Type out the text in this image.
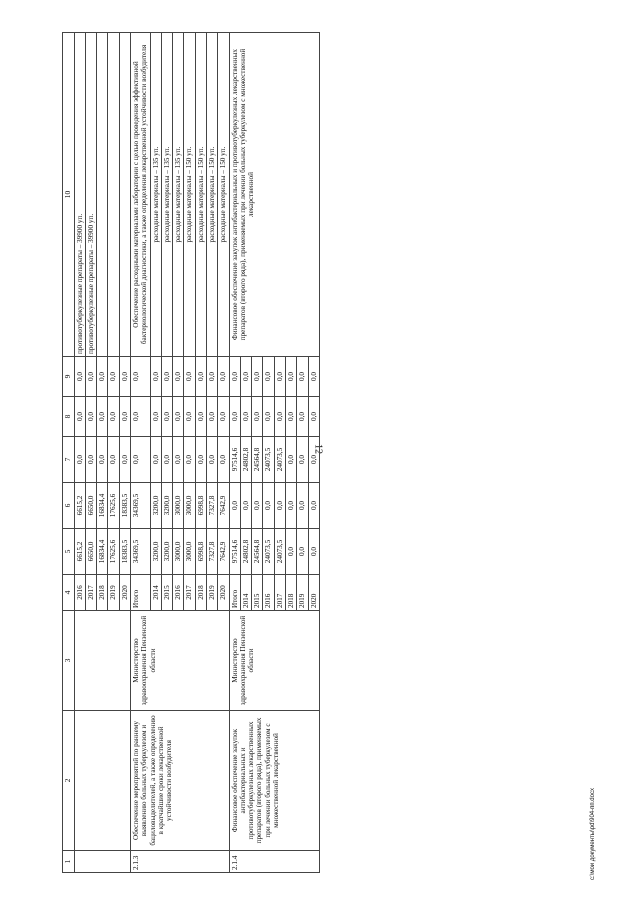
12
1	2	3	4	5	6	7	8	9	10
			2016	6615,2	6615,2	0,0	0,0	0,0	противотуберкулезные препараты – 39900 уп.
			2017	6650,0	6650,0	0,0	0,0	0,0	противотуберкулезные препараты – 39900 уп.
			2018	16834,4	16834,4	0,0	0,0	0,0	
			2019	17625,6	17625,6	0,0	0,0	0,0	
			2020	18383,5	18383,5	0,0	0,0	0,0	
2.1.3	Обеспечение мероприятий по раннему выявлению больных туберкулезом и бациловыделителей, а также определению в кратчайшие сроки лекарственной устойчивости возбудителя	Министерство здравоохранения Пензенской области	Итого	34369,5	34369,5	0,0	0,0	0,0	Обеспечение расходными материалами лаборатории с целью проведения эффективной бактериологической диагностики, а также определения лекарственной устойчивости возбудителя
			2014	3200,0	3200,0	0,0	0,0	0,0	расходные материалы – 135 уп.
			2015	3200,0	3200,0	0,0	0,0	0,0	расходные материалы – 135 уп.
			2016	3000,0	3000,0	0,0	0,0	0,0	расходные материалы – 135 уп.
			2017	3000,0	3000,0	0,0	0,0	0,0	расходные материалы – 150 уп.
			2018	6998,8	6998,8	0,0	0,0	0,0	расходные материалы – 150 уп.
			2019	7327,8	7327,8	0,0	0,0	0,0	расходные материалы – 150 уп.
			2020	7642,9	7642,9	0,0	0,0	0,0	расходные материалы – 150 уп.
2.1.4	Финансовое обеспечение закупок антибактериальных и противотуберкулезных лекарственных препаратов (второго ряда), применяемых при лечении больных туберкулезом с множественной лекарственной	Министерство здравоохранения Пензенской области	Итого	97514,6	0,0	97514,6	0,0	0,0	Финансовое обеспечение закупок антибактериальных и противотуберкулезных лекарственных препаратов (второго ряда), применяемых при лечении больных туберкулезом с множественной лекарственной
			2014	24802,8	0,0	24802,8	0,0	0,0	
			2015	24564,8	0,0	24564,8	0,0	0,0	
			2016	24073,5	0,0	24073,5	0,0	0,0	
			2017	24073,5	0,0	24073,5	0,0	0,0	
			2018	0,0	0,0	0,0	0,0	0,0	
			2019	0,0	0,0	0,0	0,0	0,0	
			2020	0,0	0,0	0,0	0,0	0,0	
c:\мои документы\pd\904-пп.docx
